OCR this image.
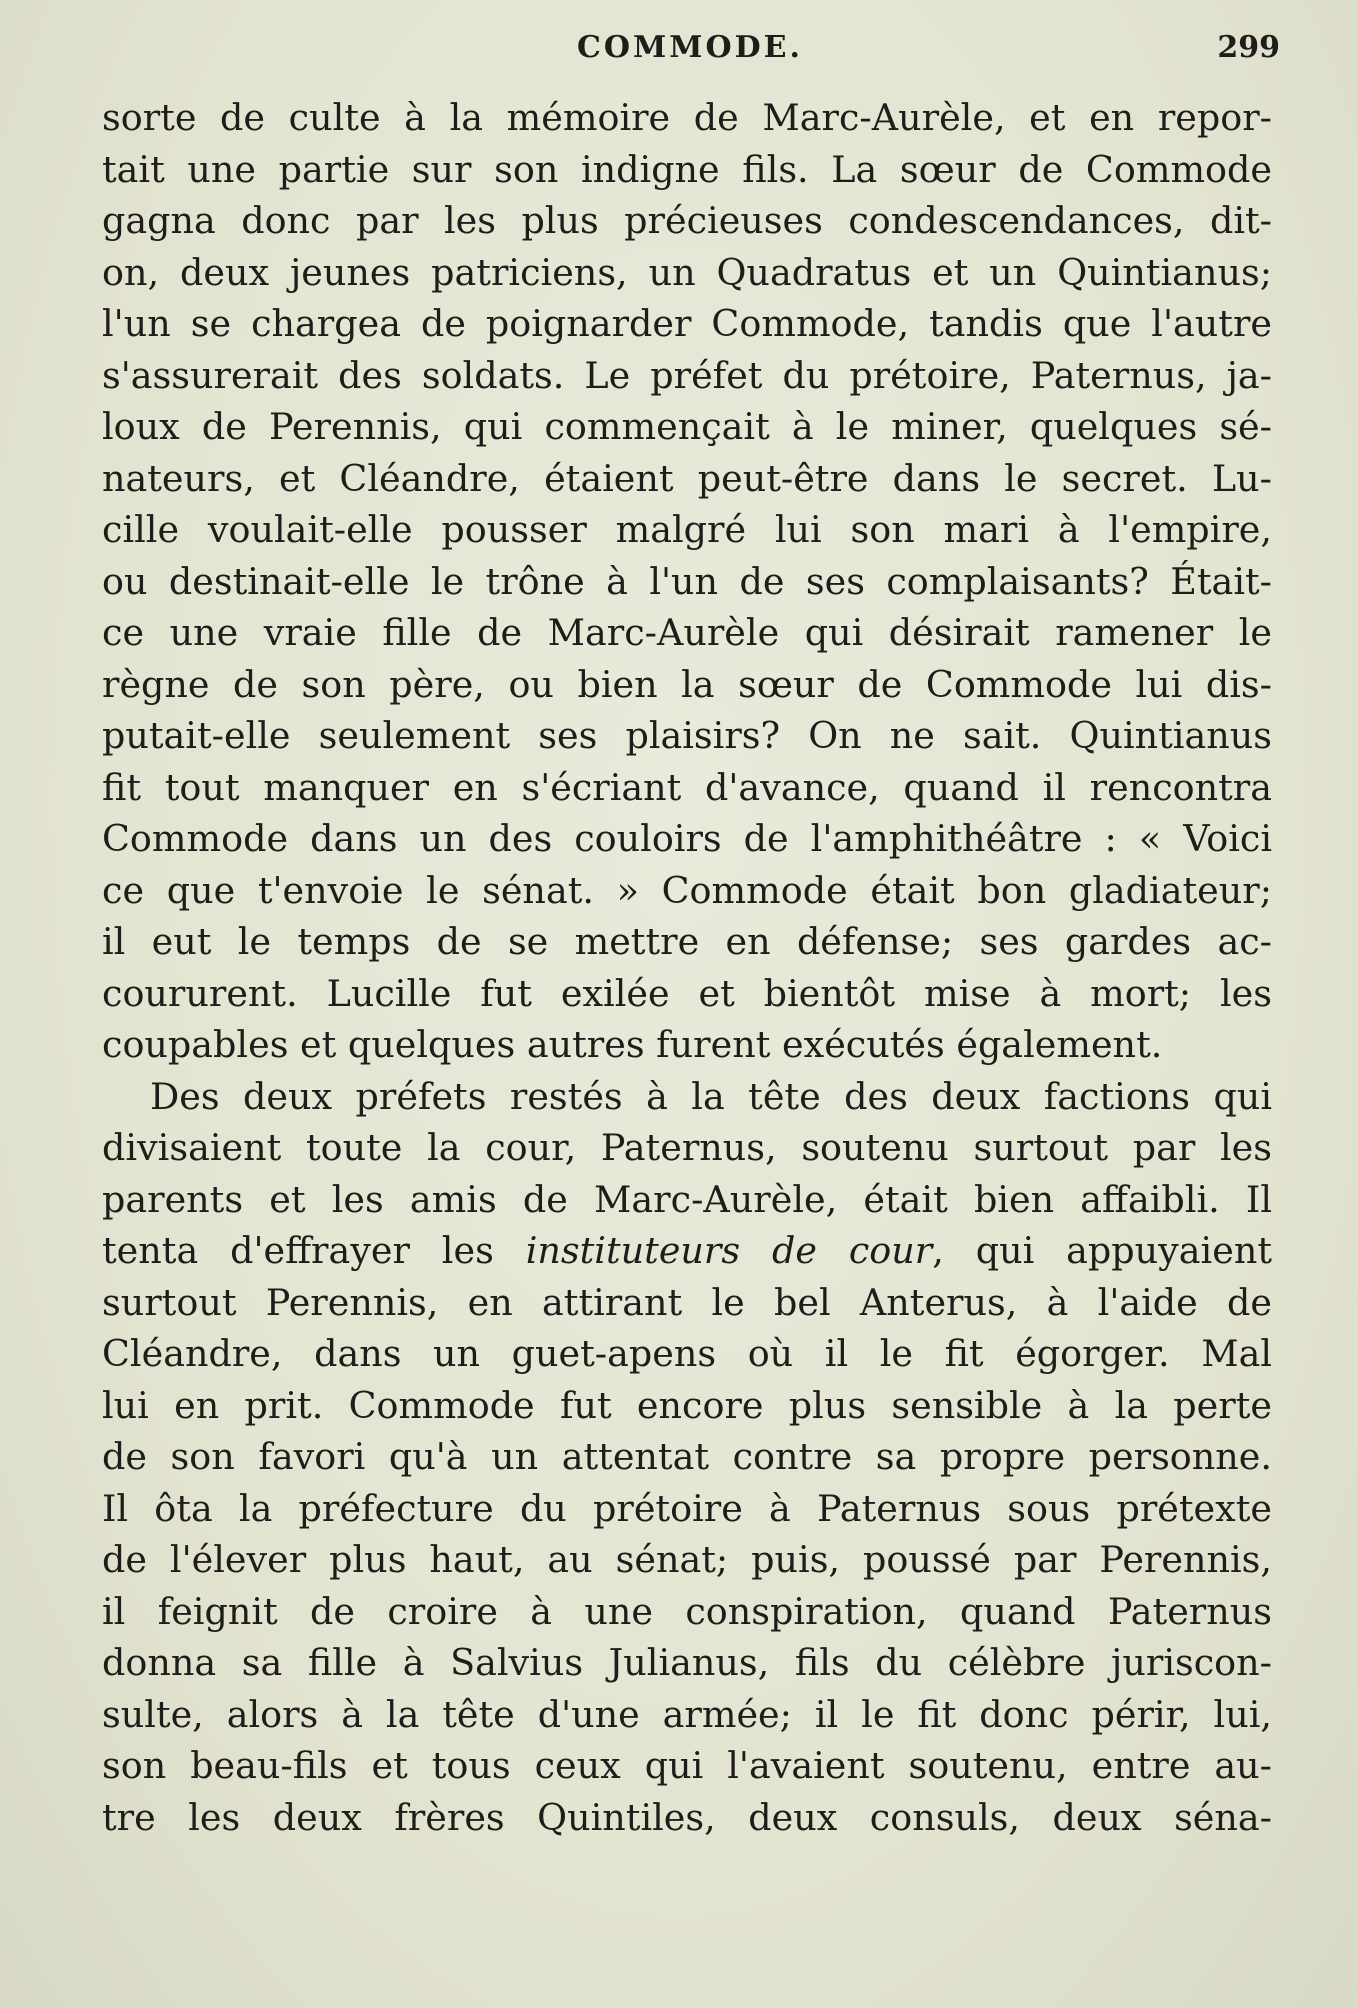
COMMODE.	299
sorte de culte à la mémoire de Marc-Aurèle, et en repor-
tait une partie sur son indigne fils. La sœur de Commode
gagna donc par les plus précieuses condescendances, dit-
on, deux jeunes patriciens, un Quadratus et un Quintianus;
l'un se chargea de poignarder Commode, tandis que l'autre
s'assurerait des soldats. Le préfet du prétoire, Paternus, ja-
loux de Perennis, qui commençait à le miner, quelques sé-
nateurs, et Cléandre, étaient peut-être dans le secret. Lu-
cille voulait-elle pousser malgré lui son mari à l'empire,
ou destinait-elle le trône à l'un de ses complaisants? Était-
ce une vraie fille de Marc-Aurèle qui désirait ramener le
règne de son père, ou bien la sœur de Commode lui dis-
putait-elle seulement ses plaisirs? On ne sait. Quintianus
fit tout manquer en s'écriant d'avance, quand il rencontra
Commode dans un des couloirs de l'amphithéâtre : « Voici
ce que t'envoie le sénat. » Commode était bon gladiateur;
il eut le temps de se mettre en défense; ses gardes ac-
coururent. Lucille fut exilée et bientôt mise à mort; les
coupables et quelques autres furent exécutés également.
Des deux préfets restés à la tête des deux factions qui
divisaient toute la cour, Paternus, soutenu surtout par les
parents et les amis de Marc-Aurèle, était bien affaibli. Il
tenta d'effrayer les instituteurs de cour, qui appuyaient
surtout Perennis, en attirant le bel Anterus, à l'aide de
Cléandre, dans un guet-apens où il le fit égorger. Mal
lui en prit. Commode fut encore plus sensible à la perte
de son favori qu'à un attentat contre sa propre personne.
Il ôta la préfecture du prétoire à Paternus sous prétexte
de l'élever plus haut, au sénat; puis, poussé par Perennis,
il feignit de croire à une conspiration, quand Paternus
donna sa fille à Salvius Julianus, fils du célèbre juriscon-
sulte, alors à la tête d'une armée; il le fit donc périr, lui,
son beau-fils et tous ceux qui l'avaient soutenu, entre au-
tre les deux frères Quintiles, deux consuls, deux séna-
